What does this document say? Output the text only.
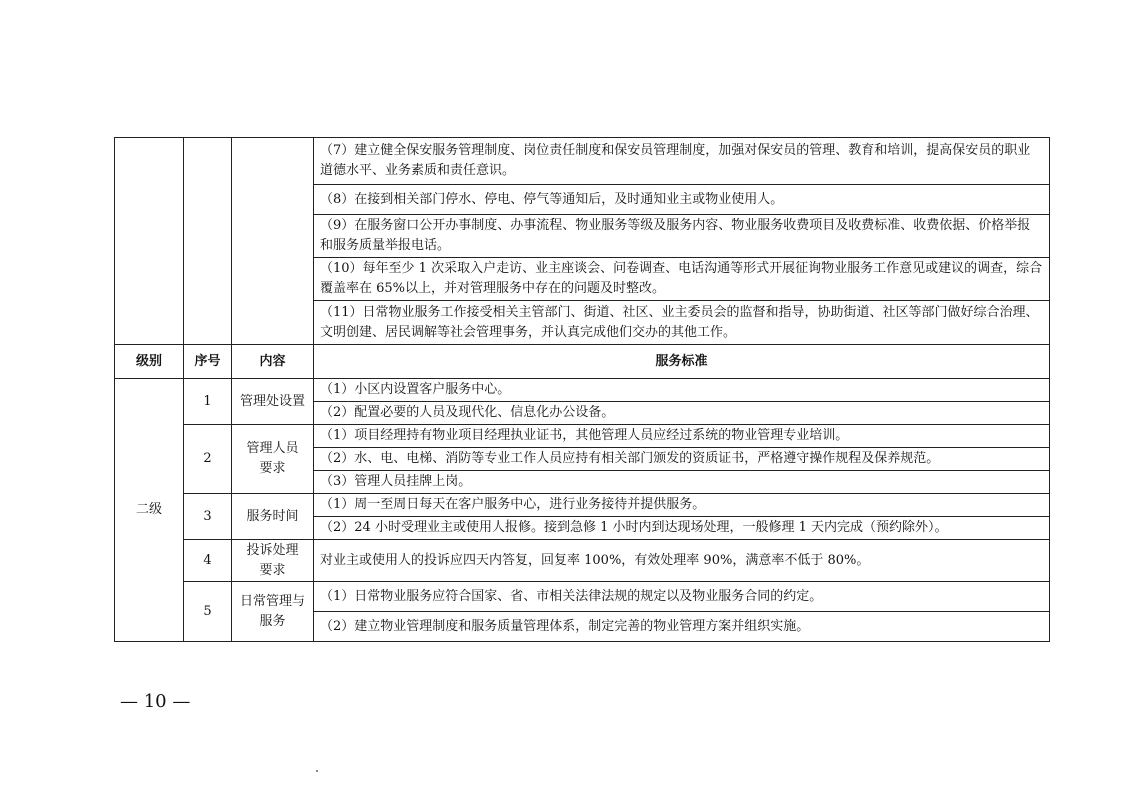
			（7）建立健全保安服务管理制度、岗位责任制度和保安员管理制度，加强对保安员的管理、教育和培训，提高保安员的职业道德水平、业务素质和责任意识。
			（8）在接到相关部门停水、停电、停气等通知后，及时通知业主或物业使用人。
			（9）在服务窗口公开办事制度、办事流程、物业服务等级及服务内容、物业服务收费项目及收费标准、收费依据、价格举报和服务质量举报电话。
			（10）每年至少 1 次采取入户走访、业主座谈会、问卷调查、电话沟通等形式开展征询物业服务工作意见或建议的调查，综合覆盖率在 65%以上，并对管理服务中存在的问题及时整改。
			（11）日常物业服务工作接受相关主管部门、街道、社区、业主委员会的监督和指导，协助街道、社区等部门做好综合治理、文明创建、居民调解等社会管理事务，并认真完成他们交办的其他工作。
级别	序号	内容	服务标准
二级	1	管理处设置	（1）小区内设置客户服务中心。
			（2）配置必要的人员及现代化、信息化办公设备。
	2	管理人员要求	（1）项目经理持有物业项目经理执业证书，其他管理人员应经过系统的物业管理专业培训。
			（2）水、电、电梯、消防等专业工作人员应持有相关部门颁发的资质证书，严格遵守操作规程及保养规范。
			（3）管理人员挂牌上岗。
	3	服务时间	（1）周一至周日每天在客户服务中心，进行业务接待并提供服务。
			（2）24 小时受理业主或使用人报修。接到急修 1 小时内到达现场处理，一般修理 1 天内完成（预约除外）。
	4	投诉处理要求	对业主或使用人的投诉应四天内答复，回复率 100%，有效处理率 90%，满意率不低于 80%。
	5	日常管理与服务	（1）日常物业服务应符合国家、省、市相关法律法规的规定以及物业服务合同的约定。
			（2）建立物业管理制度和服务质量管理体系，制定完善的物业管理方案并组织实施。
— 10 —
